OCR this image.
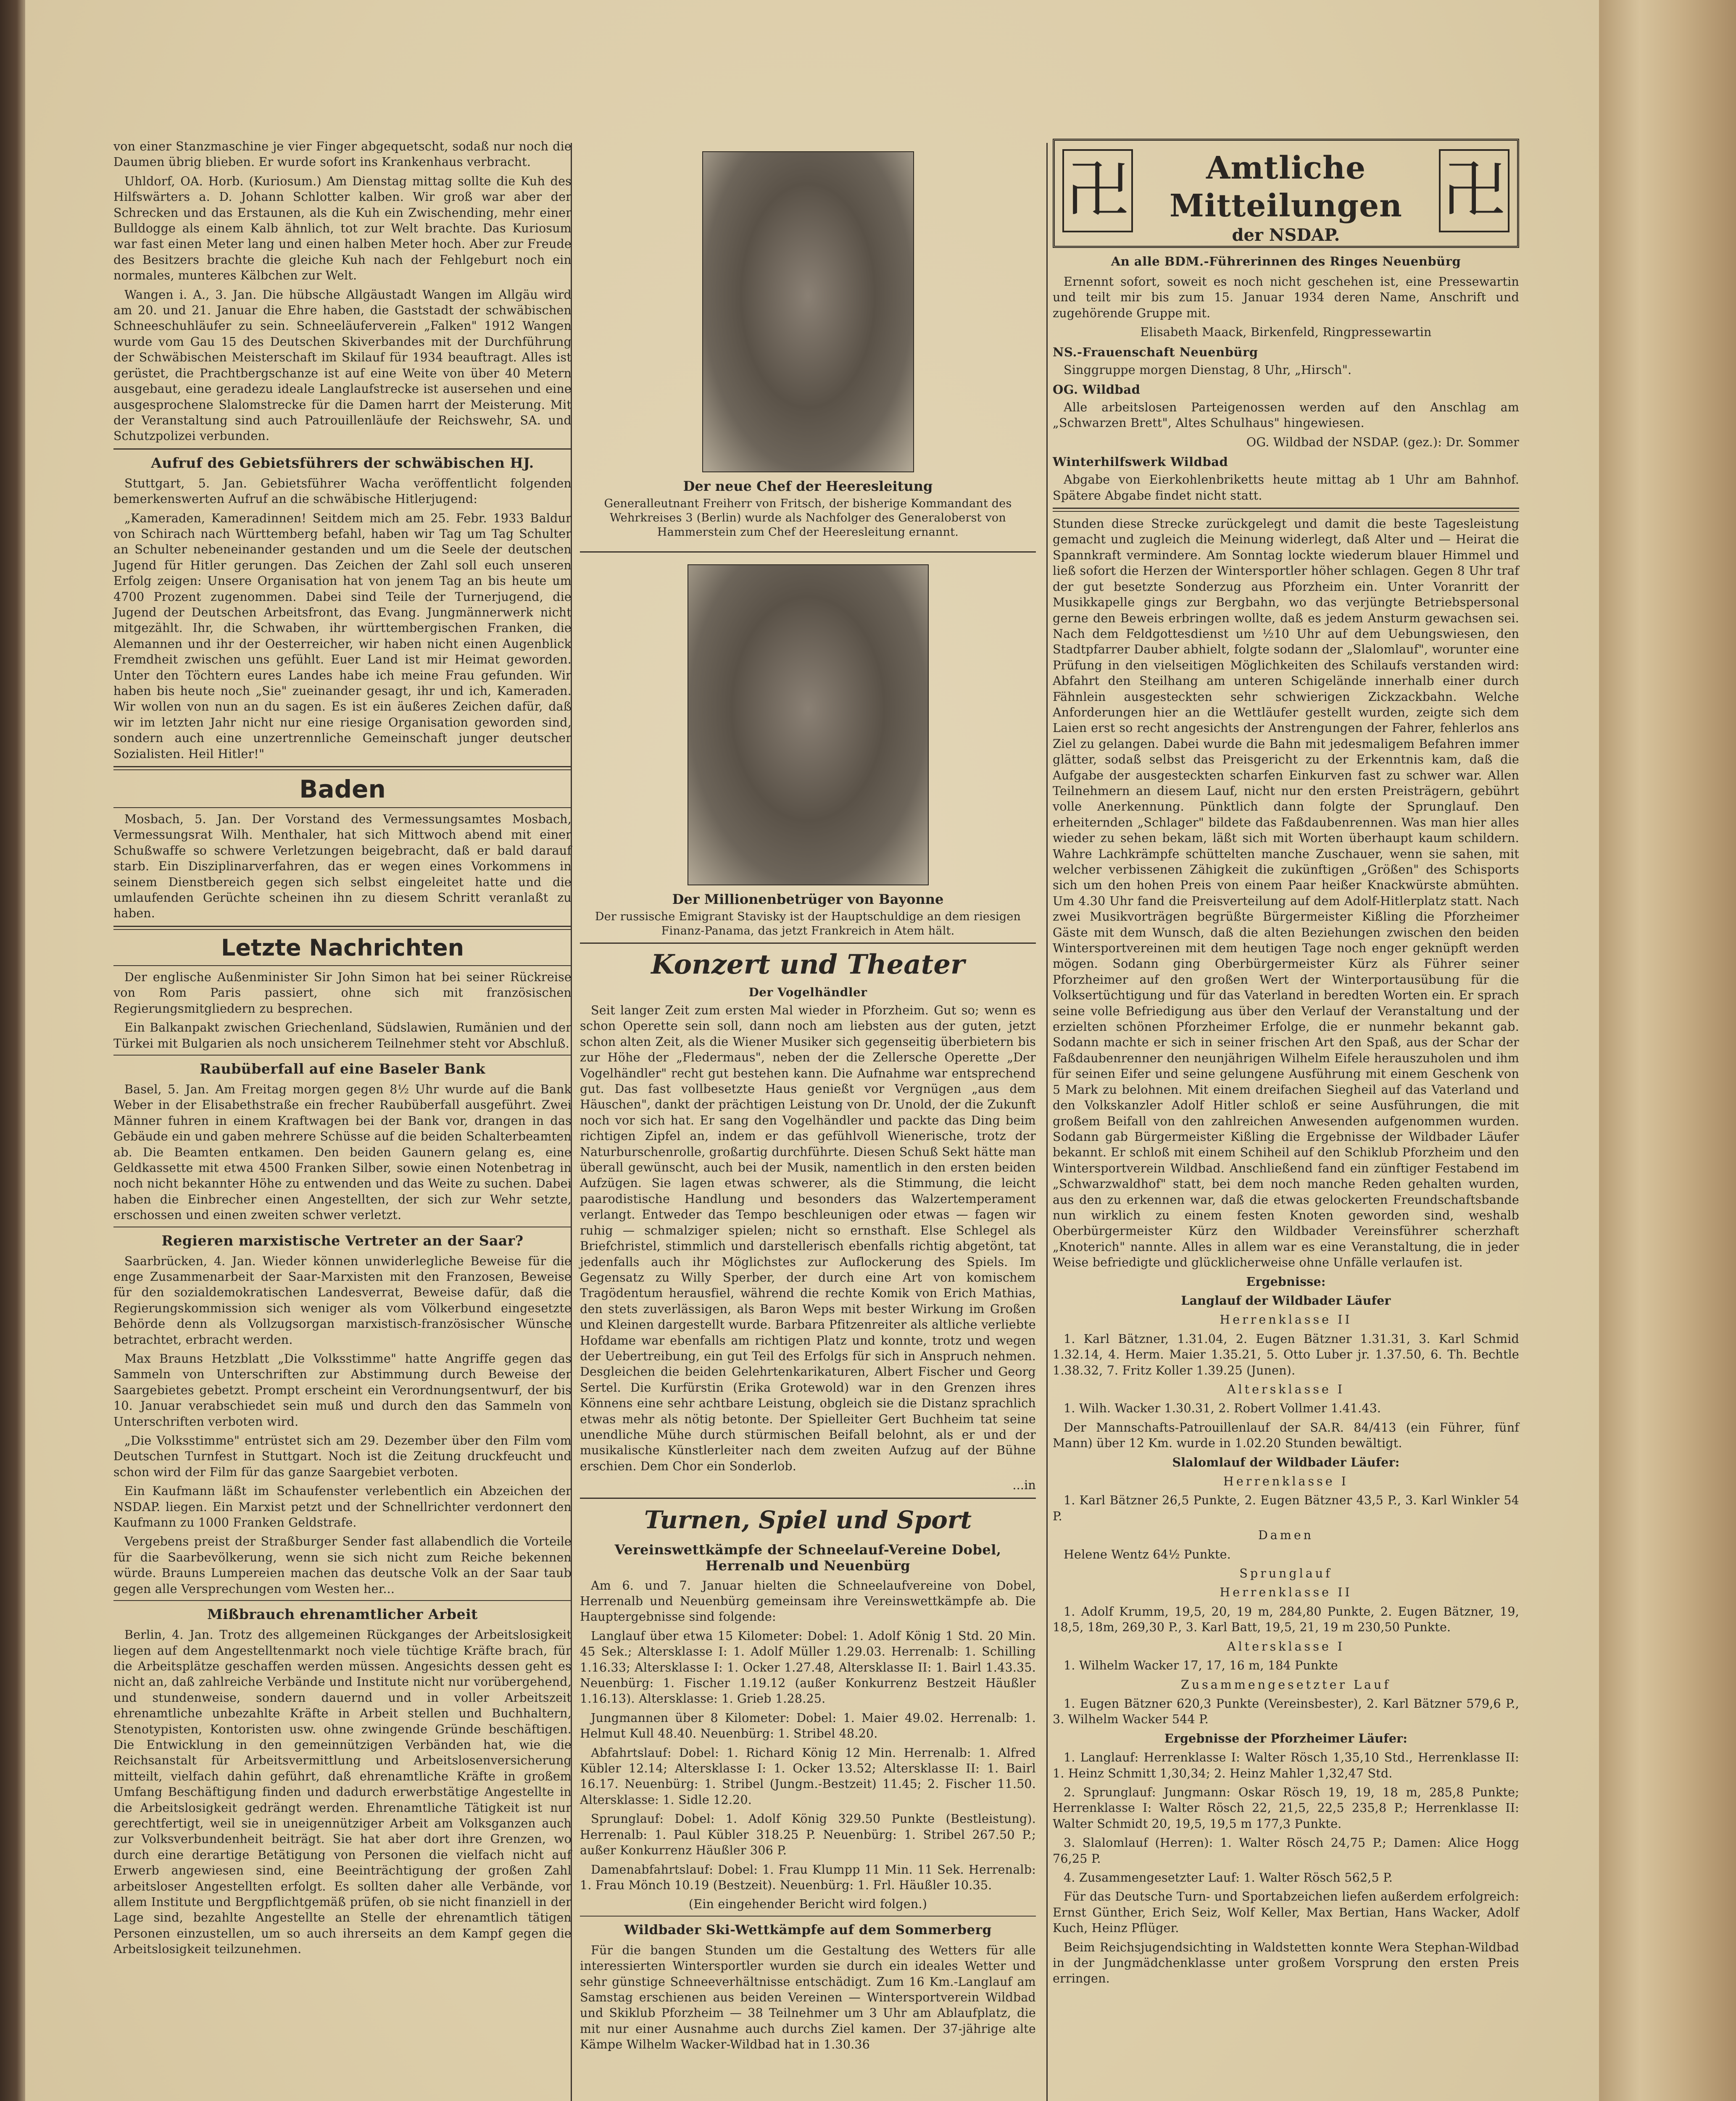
von einer Stanzmaschine je vier Finger abgequetscht, sodaß nur noch die Daumen übrig blieben. Er wurde sofort ins Krankenhaus verbracht.

Uhldorf, OA. Horb. (Kuriosum.) Am Dienstag mittag sollte die Kuh des Hilfswärters a. D. Johann Schlotter kalben. Wir groß war aber der Schrecken und das Erstaunen, als die Kuh ein Zwischending, mehr einer Bulldogge als einem Kalb ähnlich, tot zur Welt brachte. Das Kuriosum war fast einen Meter lang und einen halben Meter hoch. Aber zur Freude des Besitzers brachte die gleiche Kuh nach der Fehlgeburt noch ein normales, munteres Kälbchen zur Welt.

Wangen i. A., 3. Jan. Die hübsche Allgäustadt Wangen im Allgäu wird am 20. und 21. Januar die Ehre haben, die Gaststadt der schwäbischen Schneeschuhläufer zu sein. Schneeläuferverein „Falken" 1912 Wangen wurde vom Gau 15 des Deutschen Skiverbandes mit der Durchführung der Schwäbischen Meisterschaft im Skilauf für 1934 beauftragt. Alles ist gerüstet, die Prachtbergschanze ist auf eine Weite von über 40 Metern ausgebaut, eine geradezu ideale Langlaufstrecke ist ausersehen und eine ausgesprochene Slalomstrecke für die Damen harrt der Meisterung. Mit der Veranstaltung sind auch Patrouillenläufe der Reichswehr, SA. und Schutzpolizei verbunden.

Aufruf des Gebietsführers der schwäbischen HJ.

Stuttgart, 5. Jan. Gebietsführer Wacha veröffentlicht folgenden bemerkenswerten Aufruf an die schwäbische Hitlerjugend:

„Kameraden, Kameradinnen! Seitdem mich am 25. Febr. 1933 Baldur von Schirach nach Württemberg befahl, haben wir Tag um Tag Schulter an Schulter nebeneinander gestanden und um die Seele der deutschen Jugend für Hitler gerungen. Das Zeichen der Zahl soll euch unseren Erfolg zeigen: Unsere Organisation hat von jenem Tag an bis heute um 4700 Prozent zugenommen. Dabei sind Teile der Turnerjugend, die Jugend der Deutschen Arbeitsfront, das Evang. Jungmännerwerk nicht mitgezählt. Ihr, die Schwaben, ihr württembergischen Franken, die Alemannen und ihr der Oesterreicher, wir haben nicht einen Augenblick Fremdheit zwischen uns gefühlt. Euer Land ist mir Heimat geworden. Unter den Töchtern eures Landes habe ich meine Frau gefunden. Wir haben bis heute noch „Sie" zueinander gesagt, ihr und ich, Kameraden. Wir wollen von nun an du sagen. Es ist ein äußeres Zeichen dafür, daß wir im letzten Jahr nicht nur eine riesige Organisation geworden sind, sondern auch eine unzertrennliche Gemeinschaft junger deutscher Sozialisten. Heil Hitler!"

Baden

Mosbach, 5. Jan. Der Vorstand des Vermessungsamtes Mosbach, Vermessungsrat Wilh. Menthaler, hat sich Mittwoch abend mit einer Schußwaffe so schwere Verletzungen beigebracht, daß er bald darauf starb. Ein Disziplinarverfahren, das er wegen eines Vorkommens in seinem Dienstbereich gegen sich selbst eingeleitet hatte und die umlaufenden Gerüchte scheinen ihn zu diesem Schritt veranlaßt zu haben.

Letzte Nachrichten

Der englische Außenminister Sir John Simon hat bei seiner Rückreise von Rom Paris passiert, ohne sich mit französischen Regierungsmitgliedern zu besprechen.

Ein Balkanpakt zwischen Griechenland, Südslawien, Rumänien und der Türkei mit Bulgarien als noch unsicherem Teilnehmer steht vor Abschluß.

Raubüberfall auf eine Baseler Bank

Basel, 5. Jan. Am Freitag morgen gegen 8½ Uhr wurde auf die Bank Weber in der Elisabethstraße ein frecher Raubüberfall ausgeführt. Zwei Männer fuhren in einem Kraftwagen bei der Bank vor, drangen in das Gebäude ein und gaben mehrere Schüsse auf die beiden Schalterbeamten ab. Die Beamten entkamen. Den beiden Gaunern gelang es, eine Geldkassette mit etwa 4500 Franken Silber, sowie einen Notenbetrag in noch nicht bekannter Höhe zu entwenden und das Weite zu suchen. Dabei haben die Einbrecher einen Angestellten, der sich zur Wehr setzte, erschossen und einen zweiten schwer verletzt.

Regieren marxistische Vertreter an der Saar?

Saarbrücken, 4. Jan. Wieder können unwiderlegliche Beweise für die enge Zusammenarbeit der Saar-Marxisten mit den Franzosen, Beweise für den sozialdemokratischen Landesverrat, Beweise dafür, daß die Regierungskommission sich weniger als vom Völkerbund eingesetzte Behörde denn als Vollzugsorgan marxistisch-französischer Wünsche betrachtet, erbracht werden.

Max Brauns Hetzblatt „Die Volksstimme" hatte Angriffe gegen das Sammeln von Unterschriften zur Abstimmung durch Beweise der Saargebietes gebetzt. Prompt erscheint ein Verordnungsentwurf, der bis 10. Januar verabschiedet sein muß und durch den das Sammeln von Unterschriften verboten wird.

„Die Volksstimme" entrüstet sich am 29. Dezember über den Film vom Deutschen Turnfest in Stuttgart. Noch ist die Zeitung druckfeucht und schon wird der Film für das ganze Saargebiet verboten.

Ein Kaufmann läßt im Schaufenster verlebentlich ein Abzeichen der NSDAP. liegen. Ein Marxist petzt und der Schnellrichter verdonnert den Kaufmann zu 1000 Franken Geldstrafe.

Vergebens preist der Straßburger Sender fast allabendlich die Vorteile für die Saarbevölkerung, wenn sie sich nicht zum Reiche bekennen würde. Brauns Lumpereien machen das deutsche Volk an der Saar taub gegen alle Versprechungen vom Westen her...

Mißbrauch ehrenamtlicher Arbeit

Berlin, 4. Jan. Trotz des allgemeinen Rückganges der Arbeitslosigkeit liegen auf dem Angestelltenmarkt noch viele tüchtige Kräfte brach, für die Arbeitsplätze geschaffen werden müssen. Angesichts dessen geht es nicht an, daß zahlreiche Verbände und Institute nicht nur vorübergehend, und stundenweise, sondern dauernd und in voller Arbeitszeit ehrenamtliche unbezahlte Kräfte in Arbeit stellen und Buchhaltern, Stenotypisten, Kontoristen usw. ohne zwingende Gründe beschäftigen. Die Entwicklung in den gemeinnützigen Verbänden hat, wie die Reichsanstalt für Arbeitsvermittlung und Arbeitslosenversicherung mitteilt, vielfach dahin geführt, daß ehrenamtliche Kräfte in großem Umfang Beschäftigung finden und dadurch erwerbstätige Angestellte in die Arbeitslosigkeit gedrängt werden. Ehrenamtliche Tätigkeit ist nur gerechtfertigt, weil sie in uneigennütziger Arbeit am Volksganzen auch zur Volksverbundenheit beiträgt. Sie hat aber dort ihre Grenzen, wo durch eine derartige Betätigung von Personen die vielfach nicht auf Erwerb angewiesen sind, eine Beeinträchtigung der großen Zahl arbeitsloser Angestellten erfolgt. Es sollten daher alle Verbände, vor allem Institute und Bergpflichtgemäß prüfen, ob sie nicht finanziell in der Lage sind, bezahlte Angestellte an Stelle der ehrenamtlich tätigen Personen einzustellen, um so auch ihrerseits an dem Kampf gegen die Arbeitslosigkeit teilzunehmen.

Der neue Chef der Heeresleitung

Generalleutnant Freiherr von Fritsch, der bisherige Kommandant des Wehrkreises 3 (Berlin) wurde als Nachfolger des Generaloberst von Hammerstein zum Chef der Heeresleitung ernannt.

Der Millionenbetrüger von Bayonne

Der russische Emigrant Stavisky ist der Hauptschuldige an dem riesigen Finanz-Panama, das jetzt Frankreich in Atem hält.

Konzert und Theater
Der Vogelhändler

Seit langer Zeit zum ersten Mal wieder in Pforzheim. Gut so; wenn es schon Operette sein soll, dann noch am liebsten aus der guten, jetzt schon alten Zeit, als die Wiener Musiker sich gegenseitig überbietern bis zur Höhe der „Fledermaus", neben der die Zellersche Operette „Der Vogelhändler" recht gut bestehen kann. Die Aufnahme war entsprechend gut. Das fast vollbesetzte Haus genießt vor Vergnügen „aus dem Häuschen", dankt der prächtigen Leistung von Dr. Unold, der die Zukunft noch vor sich hat. Er sang den Vogelhändler und packte das Ding beim richtigen Zipfel an, indem er das gefühlvoll Wienerische, trotz der Naturburschenrolle, großartig durchführte. Diesen Schuß Sekt hätte man überall gewünscht, auch bei der Musik, namentlich in den ersten beiden Aufzügen. Sie lagen etwas schwerer, als die Stimmung, die leicht paarodistische Handlung und besonders das Walzertemperament verlangt. Entweder das Tempo beschleunigen oder etwas — fagen wir ruhig — schmalziger spielen; nicht so ernsthaft. Else Schlegel als Briefchristel, stimmlich und darstellerisch ebenfalls richtig abgetönt, tat jedenfalls auch ihr Möglichstes zur Auflockerung des Spiels. Im Gegensatz zu Willy Sperber, der durch eine Art von komischem Tragödentum herausfiel, während die rechte Komik von Erich Mathias, den stets zuverlässigen, als Baron Weps mit bester Wirkung im Großen und Kleinen dargestellt wurde. Barbara Pfitzenreiter als altliche verliebte Hofdame war ebenfalls am richtigen Platz und konnte, trotz und wegen der Uebertreibung, ein gut Teil des Erfolgs für sich in Anspruch nehmen. Desgleichen die beiden Gelehrtenkarikaturen, Albert Fischer und Georg Sertel. Die Kurfürstin (Erika Grotewold) war in den Grenzen ihres Könnens eine sehr achtbare Leistung, obgleich sie die Distanz sprachlich etwas mehr als nötig betonte. Der Spielleiter Gert Buchheim tat seine unendliche Mühe durch stürmischen Beifall belohnt, als er und der musikalische Künstlerleiter nach dem zweiten Aufzug auf der Bühne erschien. Dem Chor ein Sonderlob.

...in

Turnen, Spiel und Sport
Vereinswettkämpfe der Schneelauf-Vereine Dobel, Herrenalb und Neuenbürg

Am 6. und 7. Januar hielten die Schneelaufvereine von Dobel, Herrenalb und Neuenbürg gemeinsam ihre Vereinswettkämpfe ab. Die Hauptergebnisse sind folgende:

Langlauf über etwa 15 Kilometer: Dobel: 1. Adolf König 1 Std. 20 Min. 45 Sek.; Altersklasse I: 1. Adolf Müller 1.29.03. Herrenalb: 1. Schilling 1.16.33; Altersklasse I: 1. Ocker 1.27.48, Altersklasse II: 1. Bairl 1.43.35. Neuenbürg: 1. Fischer 1.19.12 (außer Konkurrenz Bestzeit Häußler 1.16.13). Altersklasse: 1. Grieb 1.28.25.

Jungmannen über 8 Kilometer: Dobel: 1. Maier 49.02. Herrenalb: 1. Helmut Kull 48.40. Neuenbürg: 1. Stribel 48.20.

Abfahrtslauf: Dobel: 1. Richard König 12 Min. Herrenalb: 1. Alfred Kübler 12.14; Altersklasse I: 1. Ocker 13.52; Altersklasse II: 1. Bairl 16.17. Neuenbürg: 1. Stribel (Jungm.-Bestzeit) 11.45; 2. Fischer 11.50. Altersklasse: 1. Sidle 12.20.

Sprunglauf: Dobel: 1. Adolf König 329.50 Punkte (Bestleistung). Herrenalb: 1. Paul Kübler 318.25 P. Neuenbürg: 1. Stribel 267.50 P.; außer Konkurrenz Häußler 306 P.

Damenabfahrtslauf: Dobel: 1. Frau Klumpp 11 Min. 11 Sek. Herrenalb: 1. Frau Mönch 10.19 (Bestzeit). Neuenbürg: 1. Frl. Häußler 10.35.

(Ein eingehender Bericht wird folgen.)

Wildbader Ski-Wettkämpfe auf dem Sommerberg

Für die bangen Stunden um die Gestaltung des Wetters für alle interessierten Wintersportler wurden sie durch ein ideales Wetter und sehr günstige Schneeverhältnisse entschädigt. Zum 16 Km.-Langlauf am Samstag erschienen aus beiden Vereinen — Wintersportverein Wildbad und Skiklub Pforzheim — 38 Teilnehmer um 3 Uhr am Ablaufplatz, die mit nur einer Ausnahme auch durchs Ziel kamen. Der 37-jährige alte Kämpe Wilhelm Wacker-Wildbad hat in 1.30.36

卍	Amtliche Mitteilungen
der NSDAP.
卍
An alle BDM.-Führerinnen des Ringes Neuenbürg

Ernennt sofort, soweit es noch nicht geschehen ist, eine Pressewartin und teilt mir bis zum 15. Januar 1934 deren Name, Anschrift und zugehörende Gruppe mit.

Elisabeth Maack, Birkenfeld, Ringpressewartin

NS.-Frauenschaft Neuenbürg

Singgruppe morgen Dienstag, 8 Uhr, „Hirsch".

OG. Wildbad

Alle arbeitslosen Parteigenossen werden auf den Anschlag am „Schwarzen Brett", Altes Schulhaus" hingewiesen.

OG. Wildbad der NSDAP. (gez.): Dr. Sommer

Winterhilfswerk Wildbad

Abgabe von Eierkohlenbriketts heute mittag ab 1 Uhr am Bahnhof. Spätere Abgabe findet nicht statt.

Stunden diese Strecke zurückgelegt und damit die beste Tagesleistung gemacht und zugleich die Meinung widerlegt, daß Alter und — Heirat die Spannkraft vermindere. Am Sonntag lockte wiederum blauer Himmel und ließ sofort die Herzen der Wintersportler höher schlagen. Gegen 8 Uhr traf der gut besetzte Sonderzug aus Pforzheim ein. Unter Voranritt der Musikkapelle gings zur Bergbahn, wo das verjüngte Betriebspersonal gerne den Beweis erbringen wollte, daß es jedem Ansturm gewachsen sei. Nach dem Feldgottesdienst um ½10 Uhr auf dem Uebungswiesen, den Stadtpfarrer Dauber abhielt, folgte sodann der „Slalomlauf", worunter eine Prüfung in den vielseitigen Möglichkeiten des Schilaufs verstanden wird: Abfahrt den Steilhang am unteren Schigelände innerhalb einer durch Fähnlein ausgesteckten sehr schwierigen Zickzackbahn. Welche Anforderungen hier an die Wettläufer gestellt wurden, zeigte sich dem Laien erst so recht angesichts der Anstrengungen der Fahrer, fehlerlos ans Ziel zu gelangen. Dabei wurde die Bahn mit jedesmaligem Befahren immer glätter, sodaß selbst das Preisgericht zu der Erkenntnis kam, daß die Aufgabe der ausgesteckten scharfen Einkurven fast zu schwer war. Allen Teilnehmern an diesem Lauf, nicht nur den ersten Preisträgern, gebührt volle Anerkennung. Pünktlich dann folgte der Sprunglauf. Den erheiternden „Schlager" bildete das Faßdaubenrennen. Was man hier alles wieder zu sehen bekam, läßt sich mit Worten überhaupt kaum schildern. Wahre Lachkrämpfe schüttelten manche Zuschauer, wenn sie sahen, mit welcher verbissenen Zähigkeit die zukünftigen „Größen" des Schisports sich um den hohen Preis von einem Paar heißer Knackwürste abmühten. Um 4.30 Uhr fand die Preisverteilung auf dem Adolf-Hitlerplatz statt. Nach zwei Musikvorträgen begrüßte Bürgermeister Kißling die Pforzheimer Gäste mit dem Wunsch, daß die alten Beziehungen zwischen den beiden Wintersportvereinen mit dem heutigen Tage noch enger geknüpft werden mögen. Sodann ging Oberbürgermeister Kürz als Führer seiner Pforzheimer auf den großen Wert der Winterportausübung für die Volksertüchtigung und für das Vaterland in beredten Worten ein. Er sprach seine volle Befriedigung aus über den Verlauf der Veranstaltung und der erzielten schönen Pforzheimer Erfolge, die er nunmehr bekannt gab. Sodann machte er sich in seiner frischen Art den Spaß, aus der Schar der Faßdaubenrenner den neunjährigen Wilhelm Eifele herauszuholen und ihm für seinen Eifer und seine gelungene Ausführung mit einem Geschenk von 5 Mark zu belohnen. Mit einem dreifachen Siegheil auf das Vaterland und den Volkskanzler Adolf Hitler schloß er seine Ausführungen, die mit großem Beifall von den zahlreichen Anwesenden aufgenommen wurden. Sodann gab Bürgermeister Kißling die Ergebnisse der Wildbader Läufer bekannt. Er schloß mit einem Schiheil auf den Schiklub Pforzheim und den Wintersportverein Wildbad. Anschließend fand ein zünftiger Festabend im „Schwarzwaldhof" statt, bei dem noch manche Reden gehalten wurden, aus den zu erkennen war, daß die etwas gelockerten Freundschaftsbande nun wirklich zu einem festen Knoten geworden sind, weshalb Oberbürgermeister Kürz den Wildbader Vereinsführer scherzhaft „Knoterich" nannte. Alles in allem war es eine Veranstaltung, die in jeder Weise befriedigte und glücklicherweise ohne Unfälle verlaufen ist.

Ergebnisse:

Langlauf der Wildbader Läufer

Herrenklasse II

1. Karl Bätzner, 1.31.04, 2. Eugen Bätzner 1.31.31, 3. Karl Schmid 1.32.14, 4. Herm. Maier 1.35.21, 5. Otto Luber jr. 1.37.50, 6. Th. Bechtle 1.38.32, 7. Fritz Koller 1.39.25 (Junen).

Altersklasse I

1. Wilh. Wacker 1.30.31, 2. Robert Vollmer 1.41.43.

Der Mannschafts-Patrouillenlauf der SA.R. 84/413 (ein Führer, fünf Mann) über 12 Km. wurde in 1.02.20 Stunden bewältigt.

Slalomlauf der Wildbader Läufer:

Herrenklasse I

1. Karl Bätzner 26,5 Punkte, 2. Eugen Bätzner 43,5 P., 3. Karl Winkler 54 P.

Damen

Helene Wentz 64½ Punkte.

Sprunglauf

Herrenklasse II

1. Adolf Krumm, 19,5, 20, 19 m, 284,80 Punkte, 2. Eugen Bätzner, 19, 18,5, 18m, 269,30 P., 3. Karl Batt, 19,5, 21, 19 m 230,50 Punkte.

Altersklasse I

1. Wilhelm Wacker 17, 17, 16 m, 184 Punkte

Zusammengesetzter Lauf

1. Eugen Bätzner 620,3 Punkte (Vereinsbester), 2. Karl Bätzner 579,6 P., 3. Wilhelm Wacker 544 P.

Ergebnisse der Pforzheimer Läufer:

1. Langlauf: Herrenklasse I: Walter Rösch 1,35,10 Std., Herrenklasse II: 1. Heinz Schmitt 1,30,34; 2. Heinz Mahler 1,32,47 Std.

2. Sprunglauf: Jungmann: Oskar Rösch 19, 19, 18 m, 285,8 Punkte; Herrenklasse I: Walter Rösch 22, 21,5, 22,5 235,8 P.; Herrenklasse II: Walter Schmidt 20, 19,5, 19,5 m 177,3 Punkte.

3. Slalomlauf (Herren): 1. Walter Rösch 24,75 P.; Damen: Alice Hogg 76,25 P.

4. Zusammengesetzter Lauf: 1. Walter Rösch 562,5 P.

Für das Deutsche Turn- und Sportabzeichen liefen außerdem erfolgreich: Ernst Günther, Erich Seiz, Wolf Keller, Max Bertian, Hans Wacker, Adolf Kuch, Heinz Pflüger.

Beim Reichsjugendsichting in Waldstetten konnte Wera Stephan-Wildbad in der Jungmädchenklasse unter großem Vorsprung den ersten Preis erringen.
